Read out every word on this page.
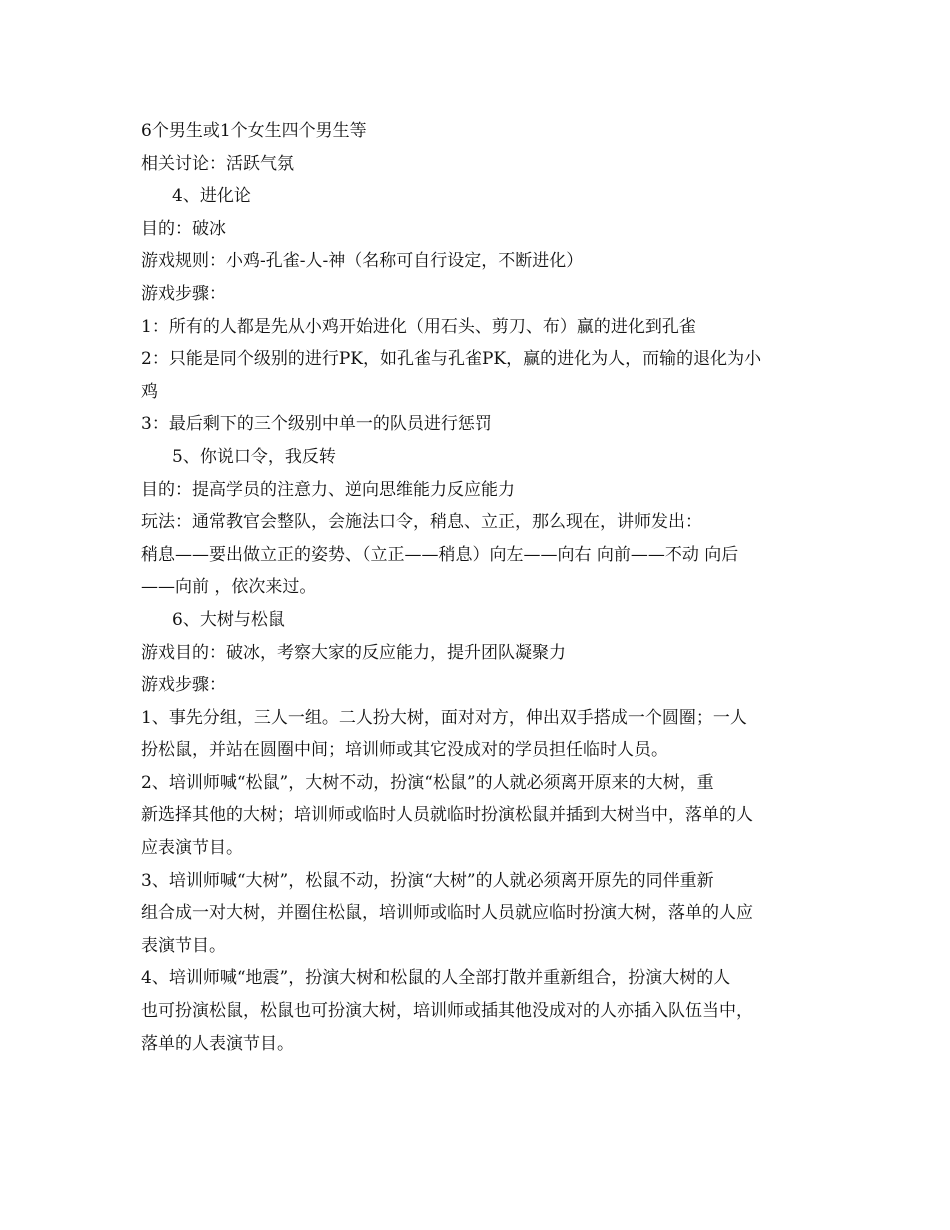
6个男生或1个女生四个男生等
相关讨论：活跃气氛
4、进化论
目的：破冰
游戏规则：小鸡-孔雀-人-神（名称可自行设定，不断进化）
游戏步骤：
1：所有的人都是先从小鸡开始进化（用石头、剪刀、布）赢的进化到孔雀
2：只能是同个级别的进行PK，如孔雀与孔雀PK，赢的进化为人，而输的退化为小
鸡
3：最后剩下的三个级别中单一的队员进行惩罚
5、你说口令，我反转
目的：提高学员的注意力、逆向思维能力反应能力
玩法：通常教官会整队，会施法口令，稍息、立正，那么现在，讲师发出：
稍息——要出做立正的姿势、（立正——稍息）向左——向右 向前——不动 向后
——向前 ，依次来过。
6、大树与松鼠
游戏目的：破冰，考察大家的反应能力，提升团队凝聚力
游戏步骤：
1、事先分组，三人一组。二人扮大树，面对对方，伸出双手搭成一个圆圈；一人
扮松鼠，并站在圆圈中间；培训师或其它没成对的学员担任临时人员。
2、培训师喊“松鼠”，大树不动，扮演“松鼠”的人就必须离开原来的大树，重
新选择其他的大树；培训师或临时人员就临时扮演松鼠并插到大树当中，落单的人
应表演节目。
3、培训师喊“大树”，松鼠不动，扮演“大树”的人就必须离开原先的同伴重新
组合成一对大树，并圈住松鼠，培训师或临时人员就应临时扮演大树，落单的人应
表演节目。
4、培训师喊“地震”，扮演大树和松鼠的人全部打散并重新组合，扮演大树的人
也可扮演松鼠，松鼠也可扮演大树，培训师或插其他没成对的人亦插入队伍当中，
落单的人表演节目。
